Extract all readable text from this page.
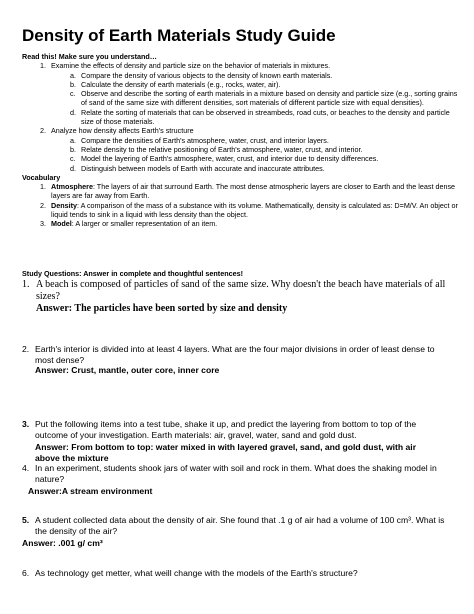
Density of Earth Materials Study Guide
Read this! Make sure you understand…
1. Examine the effects of density and particle size on the behavior of materials in mixtures.
a. Compare the density of various objects to the density of known earth materials.
b. Calculate the density of earth materials (e.g., rocks, water, air).
c. Observe and describe the sorting of earth materials in a mixture based on density and particle size (e.g., sorting grains of sand of the same size with different densities, sort materials of different particle size with equal densities).
d. Relate the sorting of materials that can be observed in streambeds, road cuts, or beaches to the density and particle size of those materials.
2. Analyze how density affects Earth's structure
a. Compare the densities of Earth's atmosphere, water, crust, and interior layers.
b. Relate density to the relative positioning of Earth's atmosphere, water, crust, and interior.
c. Model the layering of Earth's atmosphere, water, crust, and interior due to density differences.
d. Distinguish between models of Earth with accurate and inaccurate attributes.
Vocabulary
1. Atmosphere: The layers of air that surround Earth. The most dense atmospheric layers are closer to Earth and the least dense layers are far away from Earth.
2. Density: A comparison of the mass of a substance with its volume. Mathematically, density is calculated as: D=M/V. An object or liquid tends to sink in a liquid with less density than the object.
3. Model: A larger or smaller representation of an item.
Study Questions: Answer in complete and thoughtful sentences!
1. A beach is composed of particles of sand of the same size. Why doesn't the beach have materials of all sizes?
Answer: The particles have been sorted by size and density
2. Earth's interior is divided into at least 4 layers. What are the four major divisions in order of least dense to most dense?
Answer: Crust, mantle, outer core, inner core
3. Put the following items into a test tube, shake it up, and predict the layering from bottom to top of the outcome of your investigation. Earth materials: air, gravel, water, sand and gold dust.
Answer: From bottom to top: water mixed in with layered gravel, sand, and gold dust, with air above the mixture
4. In an experiment, students shook jars of water with soil and rock in them. What does the shaking model in nature?
Answer:A stream environment
5. A student collected data about the density of air. She found that .1 g of air had a volume of 100 cm³. What is the density of the air?
Answer: .001 g/ cm³
6. As technology get metter, what weill change with the models of the Earth's structure?
